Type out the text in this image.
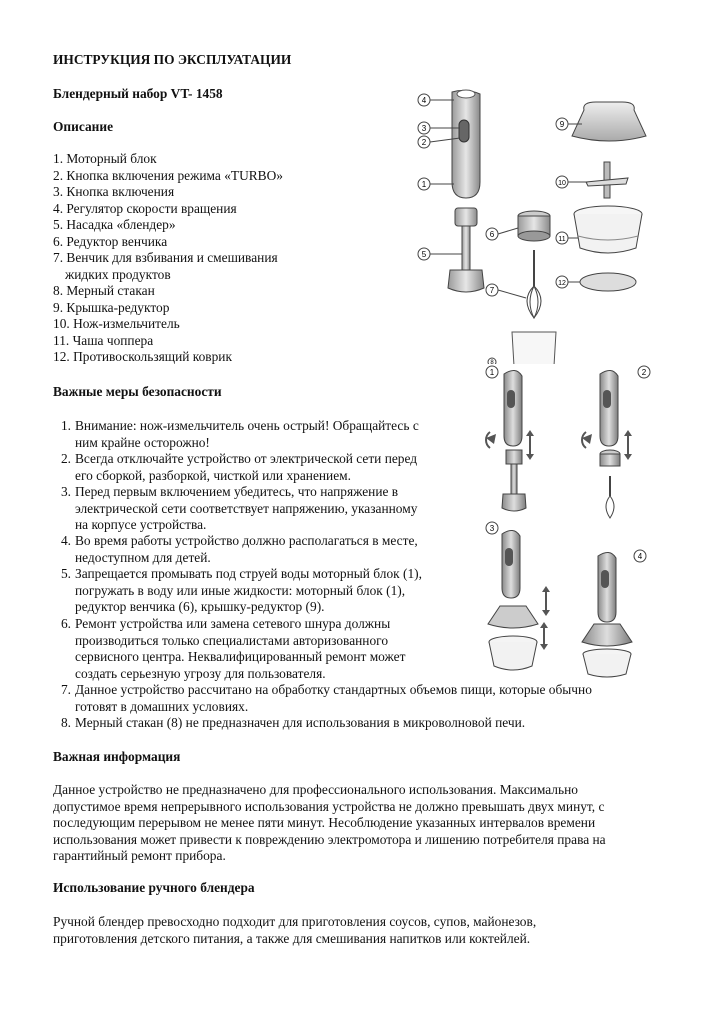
ИНСТРУКЦИЯ ПО ЭКСПЛУАТАЦИИ
Блендерный набор VT- 1458
Описание
1. Моторный блок
2. Кнопка включения режима «TURBO»
3. Кнопка включения
4. Регулятор скорости вращения
5. Насадка «блендер»
6. Редуктор венчика
7. Венчик для взбивания и смешивания
жидких продуктов
8. Мерный стакан
9. Крышка-редуктор
10. Нож-измельчитель
11. Чаша чоппера
12. Противоскользящий коврик
Важные меры безопасности
1. Внимание: нож-измельчитель очень острый! Обращайтесь с
ним крайне осторожно!
2. Всегда отключайте устройство от электрической сети перед
его сборкой, разборкой, чисткой или хранением.
3. Перед первым включением убедитесь, что напряжение в
электрической сети соответствует напряжению, указанному
на корпусе устройства.
4. Во время работы устройство должно располагаться в месте,
недоступном для детей.
5. Запрещается промывать под струей воды моторный блок (1),
погружать в воду или иные жидкости: моторный блок (1),
редуктор венчика (6), крышку-редуктор (9).
6. Ремонт устройства или замена сетевого шнура должны
производиться только специалистами авторизованного
сервисного центра. Неквалифицированный ремонт может
создать серьезную угрозу для пользователя.
7. Данное устройство рассчитано на обработку стандартных объемов пищи, которые обычно
готовят в домашних условиях.
8. Мерный стакан (8) не предназначен для использования в микроволновой печи.
Важная информация
Данное устройство не предназначено для профессионального использования. Максимально
допустимое время непрерывного использования устройства не должно превышать двух минут, с
последующим перерывом не менее пяти минут. Несоблюдение указанных интервалов времени
использования может привести к повреждению электромотора и лишению потребителя права на
гарантийный ремонт прибора.
Использование ручного блендера
Ручной блендер превосходно подходит для приготовления соусов, супов, майонезов,
приготовления детского питания, а также для смешивания напитков или коктейлей.
4
3
2
1
5
6
7
9
10
11
12
8
1	2
3
4
